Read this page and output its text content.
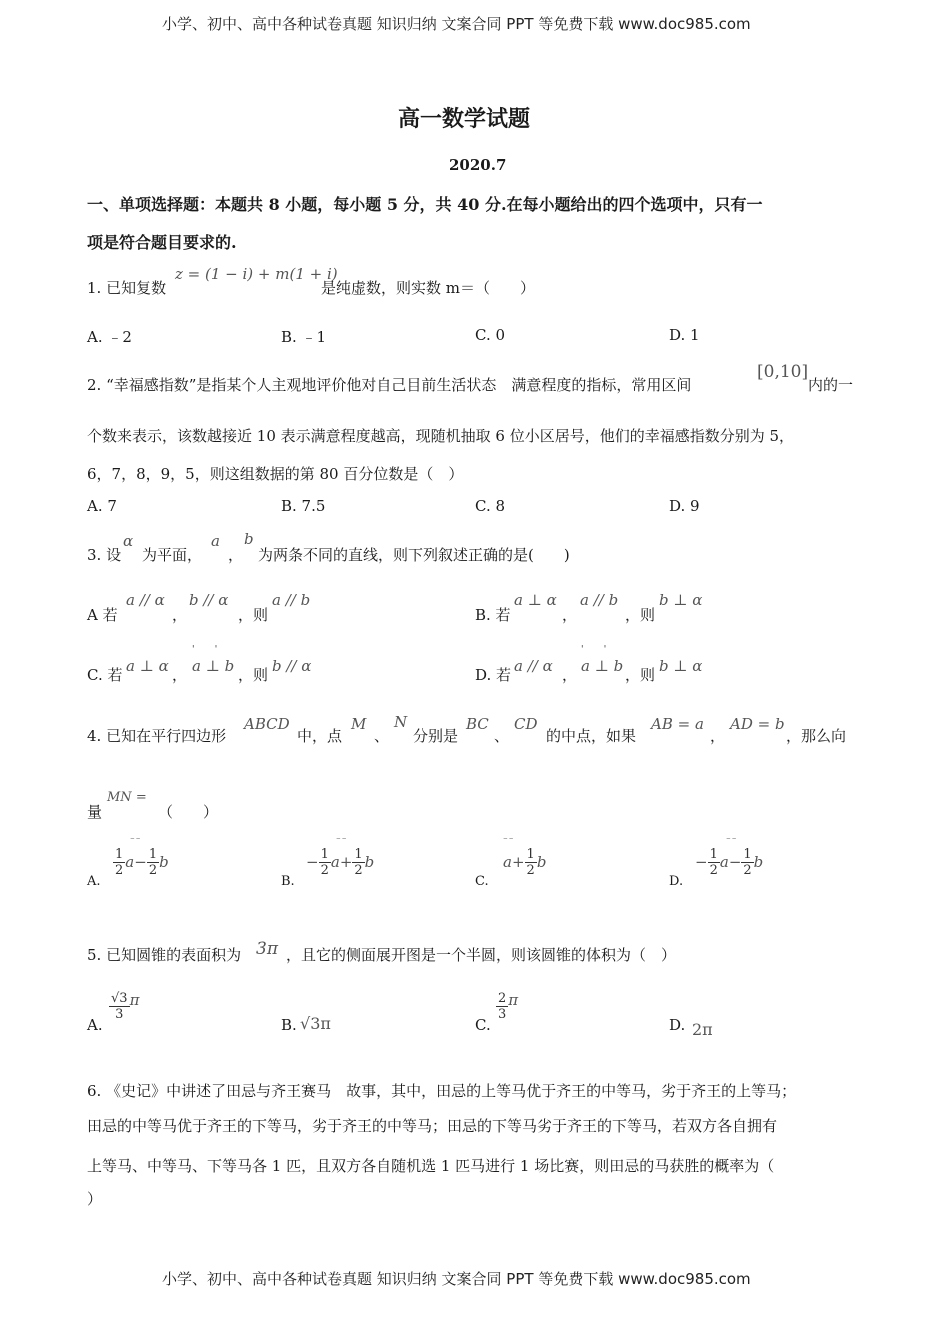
小学、初中、高中各种试卷真题 知识归纳 文案合同 PPT 等免费下载 www.doc985.com
小学、初中、高中各种试卷真题 知识归纳 文案合同 PPT 等免费下载 www.doc985.com
高一数学试题
2020.7
一、单项选择题：本题共 8 小题，每小题 5 分，共 40 分.在每小题给出的四个选项中，只有一
项是符合题目要求的.
1. 已知复数
z = (1 − i) + m(1 + i)
是纯虚数，则实数 m＝（　　）
A. ﹣2	B. ﹣1	C. 0	D. 1
2. “幸福感指数”是指某个人主观地评价他对自己目前生活状态　满意程度的指标，常用区间
[0,10]
内的一
个数来表示，该数越接近 10 表示满意程度越高，现随机抽取 6 位小区居号，他们的幸福感指数分别为 5，
6，7，8，9，5，则这组数据的第 80 百分位数是（　）
A. 7	B. 7.5	C. 8	D. 9
3. 设
α
为平面，
a
，
b
为两条不同的直线，则下列叙述正确的是(　　)
A 若
a // α
，
b // α
，则
a // b
B. 若
a ⊥ α
，
a // b
，则
b ⊥ α
C. 若 a ⊥ α ，
'     '
a ⊥ b ，则 b // α	D. 若 a // α ，
'     '
a ⊥ b ，则 b ⊥ α
4. 已知在平行四边形
ABCD
中，点
M
、
N
分别是
BC
、
CD
的中点，如果
AB = a
，
AD = b
，那么向
量
MN =
（　　）
A.
$\frac{1}{2} a- \frac{1}{2}$ b
⁻⁻
B.
− $\frac{1}{2} a+ \frac{1}{2}$ b
⁻⁻
C.
$a+ \frac{1}{2}$ b
⁻⁻
D.
− $\frac{1}{2} a- \frac{1}{2}$ b
⁻⁻
5. 已知圆锥的表面积为 3π ，且它的侧面展开图是一个半圆，则该圆锥的体积为（　）
A.
$\frac{√3}{3}$ π
B. √3π	C.
$\frac{2}{3}$ π
D. 2π
6. 《史记》中讲述了田忌与齐王赛马　故事，其中，田忌的上等马优于齐王的中等马，劣于齐王的上等马；
田忌的中等马优于齐王的下等马，劣于齐王的中等马；田忌的下等马劣于齐王的下等马，若双方各自拥有
上等马、中等马、下等马各 1 匹，且双方各自随机选 1 匹马进行 1 场比赛，则田忌的马获胜的概率为（
）
